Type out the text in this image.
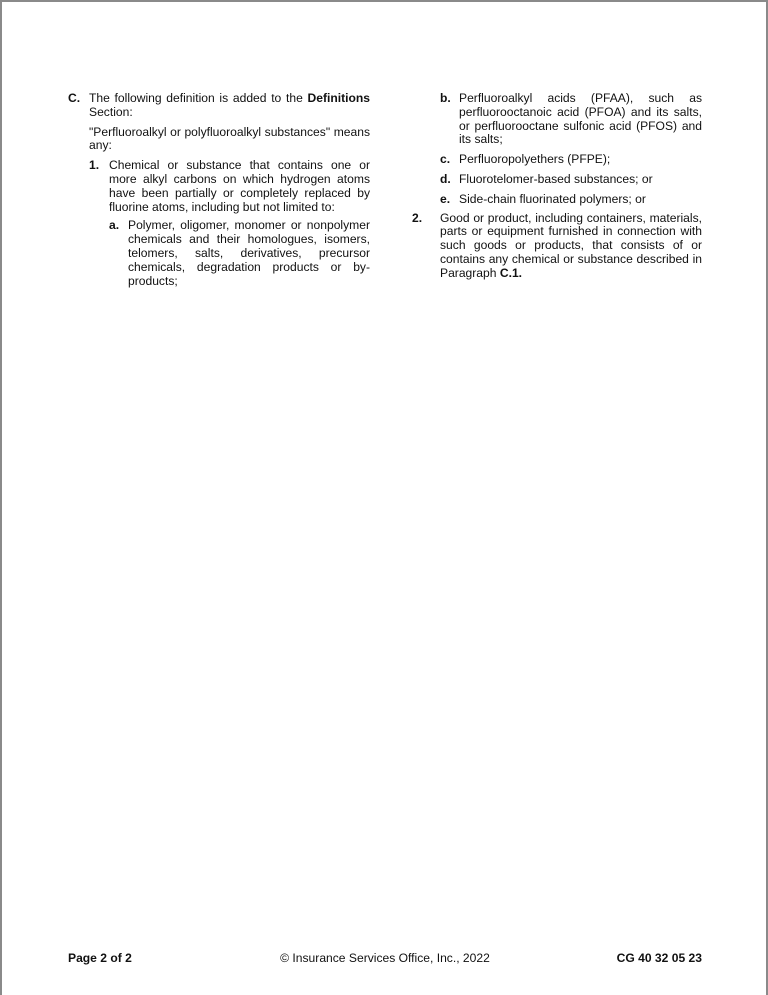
C. The following definition is added to the Definitions Section:
"Perfluoroalkyl or polyfluoroalkyl substances" means any:
1. Chemical or substance that contains one or more alkyl carbons on which hydrogen atoms have been partially or completely replaced by fluorine atoms, including but not limited to:
a. Polymer, oligomer, monomer or nonpolymer chemicals and their homologues, isomers, telomers, salts, derivatives, precursor chemicals, degradation products or by-products;
b. Perfluoroalkyl acids (PFAA), such as perfluorooctanoic acid (PFOA) and its salts, or perfluorooctane sulfonic acid (PFOS) and its salts;
c. Perfluoropolyethers (PFPE);
d. Fluorotelomer-based substances; or
e. Side-chain fluorinated polymers; or
2.	Good or product, including containers, materials, parts or equipment furnished in connection with such goods or products, that consists of or contains any chemical or substance described in Paragraph C.1.
Page 2 of 2	© Insurance Services Office, Inc., 2022	CG 40 32 05 23
